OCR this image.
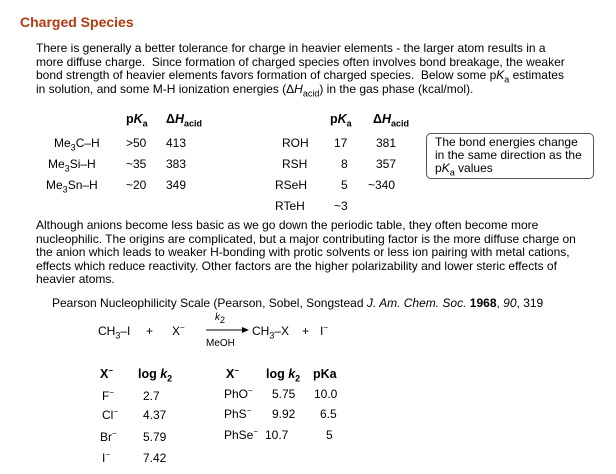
Charged Species
There is generally a better tolerance for charge in heavier elements - the larger atom results in a more diffuse charge.  Since formation of charged species often involves bond breakage, the weaker bond strength of heavier elements favors formation of charged species.  Below some $pK_a$ estimates in solution, and some M-H ionization energies $(\Delta H_{acid})$ in the gas phase (kcal/mol).
$pK_a$ $\Delta H_{acid}$
$Me_3C-H >50$ 413
$Me_3Si-H$	~35 383
$Me_3Sn-H$ ~20 349
$pK_a$ $\Delta H_{acid}$
ROH 17 381
RSH	8 357
RSeH	5 ~340
RTeH ~3
The bond energies change in the same direction as the $pK_a$ values
Although anions become less basic as we go down the periodic table, they often become more nucleophilic. The origins are complicated, but a major contributing factor is the more diffuse charge on the anion which leads to weaker H-bonding with protic solvents or less ion pairing with metal cations, effects which reduce reactivity. Other factors are the higher polarizability and lower steric effects of heavier atoms.
Pearson Nucleophilicity Scale (Pearson, Sobel, Songstead J. Am. Chem. Soc. 1968, 90, 319
$CH_3-I + X^-$
$k_2$
MeOH
$CH_3-X + I^-$
X− $\log k_2$
F− 2.7
Cl− 4.37
Br− 5.79
I−	7.42
X− $\log k_2$ pKa
PhO− 5.75 10.0
PhS− 9.92 6.5
PhSe− 10.7	5
